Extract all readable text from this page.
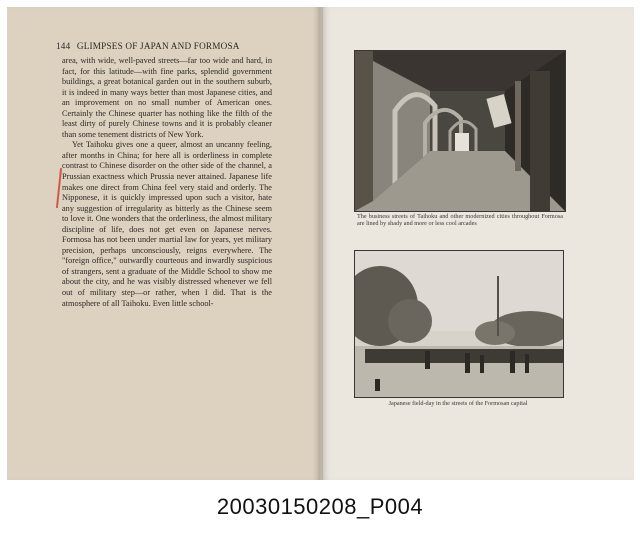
144 GLIMPSES OF JAPAN AND FORMOSA

area, with wide, well-paved streets—far too wide and hard, in fact, for this latitude—with fine parks, splendid government buildings, a great botanical garden out in the southern suburb, it is indeed in many ways better than most Japanese cities, and an improvement on no small number of American ones. Certainly the Chinese quarter has nothing like the filth of the least dirty of purely Chinese towns and it is probably cleaner than some tenement districts of New York.

Yet Taihoku gives one a queer, almost an uncanny feeling, after months in China; for here all is orderliness in complete contrast to Chinese disorder on the other side of the channel, a Prussian exactness which Prussia never attained. Japanese life makes one direct from China feel very staid and orderly. The Nipponese, it is quickly impressed upon such a visitor, hate any suggestion of irregularity as bitterly as the Chinese seem to love it. One wonders that the orderliness, the almost military discipline of life, does not get even on Japanese nerves. Formosa has not been under martial law for years, yet military precision, perhaps unconsciously, reigns everywhere. The "foreign office," outwardly courteous and inwardly suspicious of strangers, sent a graduate of the Middle School to show me about the city, and he was visibly distressed whenever we fell out of military step—or rather, when I did. That is the atmosphere of all Taihoku. Even little school-

The business streets of Taihoku and other modernized cities throughout Formosa are lined by shady and more or less cool arcades
Japanese field-day in the streets of the Formosan capital
20030150208_P004
